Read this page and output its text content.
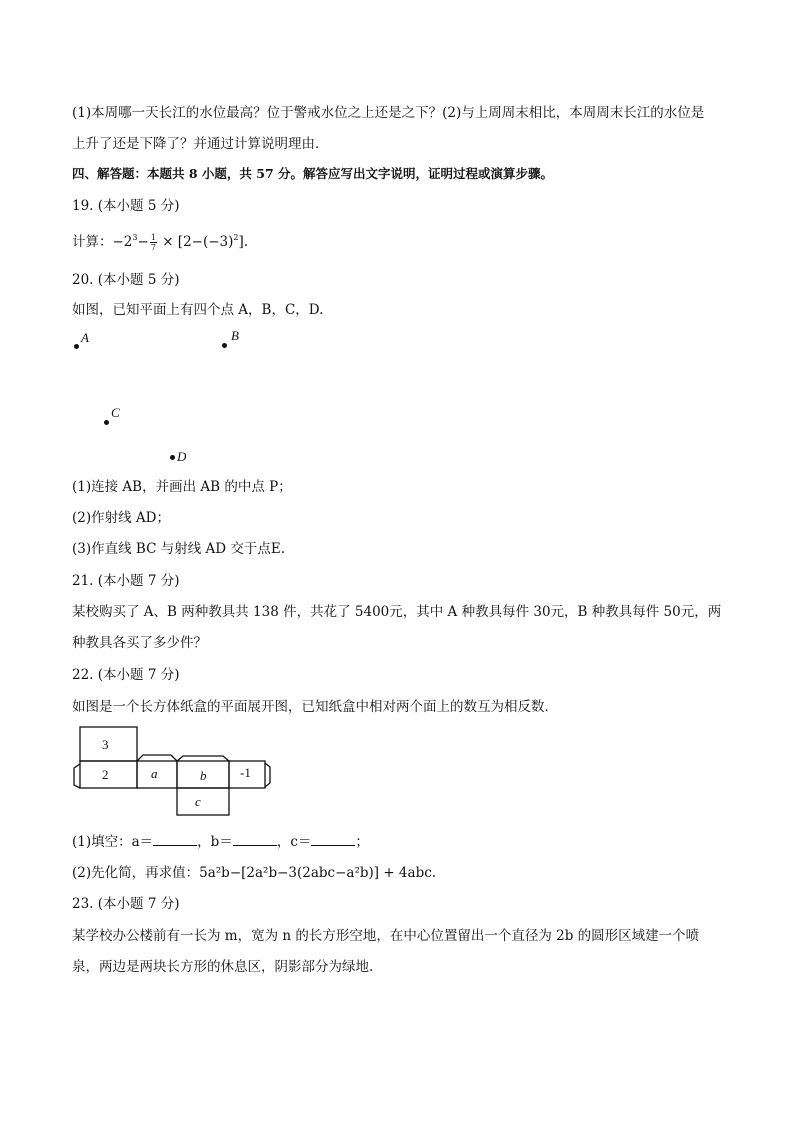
(1)本周哪一天长江的水位最高？位于警戒水位之上还是之下？(2)与上周周末相比，本周周末长江的水位是
上升了还是下降了？并通过计算说明理由．
四、解答题：本题共 8 小题，共 57 分。解答应写出文字说明，证明过程或演算步骤。
19. (本小题 5 分)
计算：$-2^3- \frac{1}{7} \times [2-(-3)^2]$.
20. (本小题 5 分)
如图，已知平面上有四个点 A，B，C，D.
A	B
C
D
(1)连接 AB，并画出 AB 的中点 P；
(2)作射线 AD；
(3)作直线 BC 与射线 AD 交于点E.
21. (本小题 7 分)
某校购买了 A、B 两种教具共 138 件，共花了 5400元，其中 A 种教具每件 30元，B 种教具每件 50元，两
种教具各买了多少件？
22. (本小题 7 分)
如图是一个长方体纸盒的平面展开图，已知纸盒中相对两个面上的数互为相反数．
3
2	a	b	-1
c
(1)填空：a＝	，b＝	，c＝	；
(2)先化简，再求值：5a²b−[2a²b−3(2abc−a²b)] + 4abc.
23. (本小题 7 分)
某学校办公楼前有一长为 m，宽为 n 的长方形空地，在中心位置留出一个直径为 2b 的圆形区域建一个喷
泉，两边是两块长方形的休息区，阴影部分为绿地.
